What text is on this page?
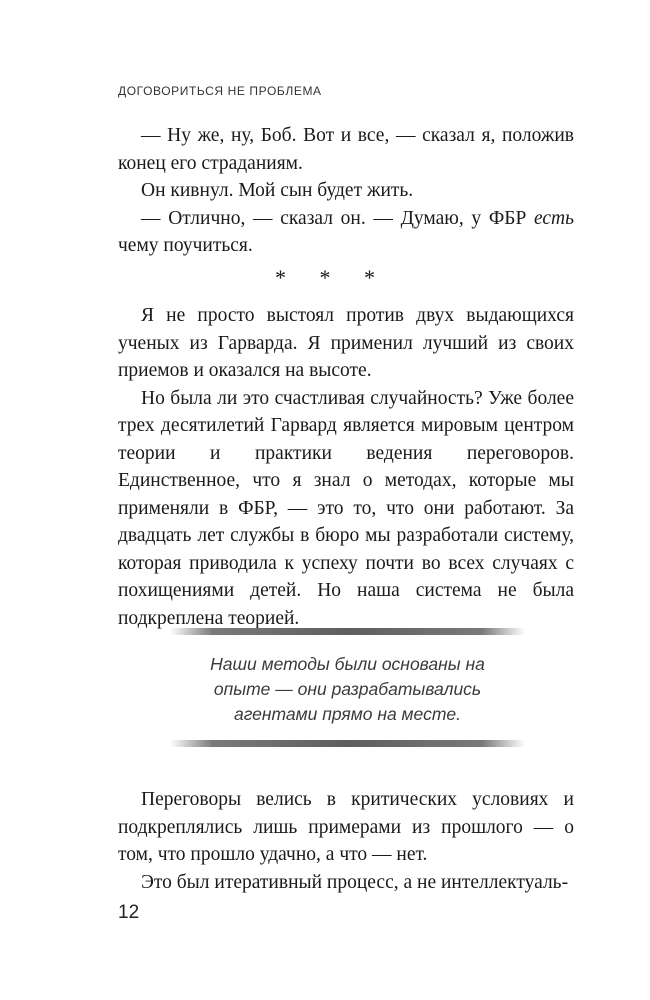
ДОГОВОРИТЬСЯ НЕ ПРОБЛЕМА

— Ну же, ну, Боб. Вот и все, — сказал я, положив конец его страданиям.

Он кивнул. Мой сын будет жить.

— Отлично, — сказал он. — Думаю, у ФБР есть чему поучиться.

* * *

Я не просто выстоял против двух выдающихся ученых из Гарварда. Я применил лучший из своих приемов и оказался на высоте.

Но была ли это счастливая случайность? Уже более трех десятилетий Гарвард является мировым центром теории и практики ведения переговоров. Единственное, что я знал о методах, которые мы применяли в ФБР, — это то, что они работают. За двадцать лет службы в бюро мы разработали систему, которая приводила к успеху почти во всех случаях с похищениями детей. Но наша система не была подкреплена теорией.

Наши методы были основаны на
опыте — они разрабатывались
агентами прямо на месте.

Переговоры велись в критических условиях и подкреплялись лишь примерами из прошлого — о том, что прошло удачно, а что — нет.

Это был итеративный процесс, а не интеллектуаль-

12
